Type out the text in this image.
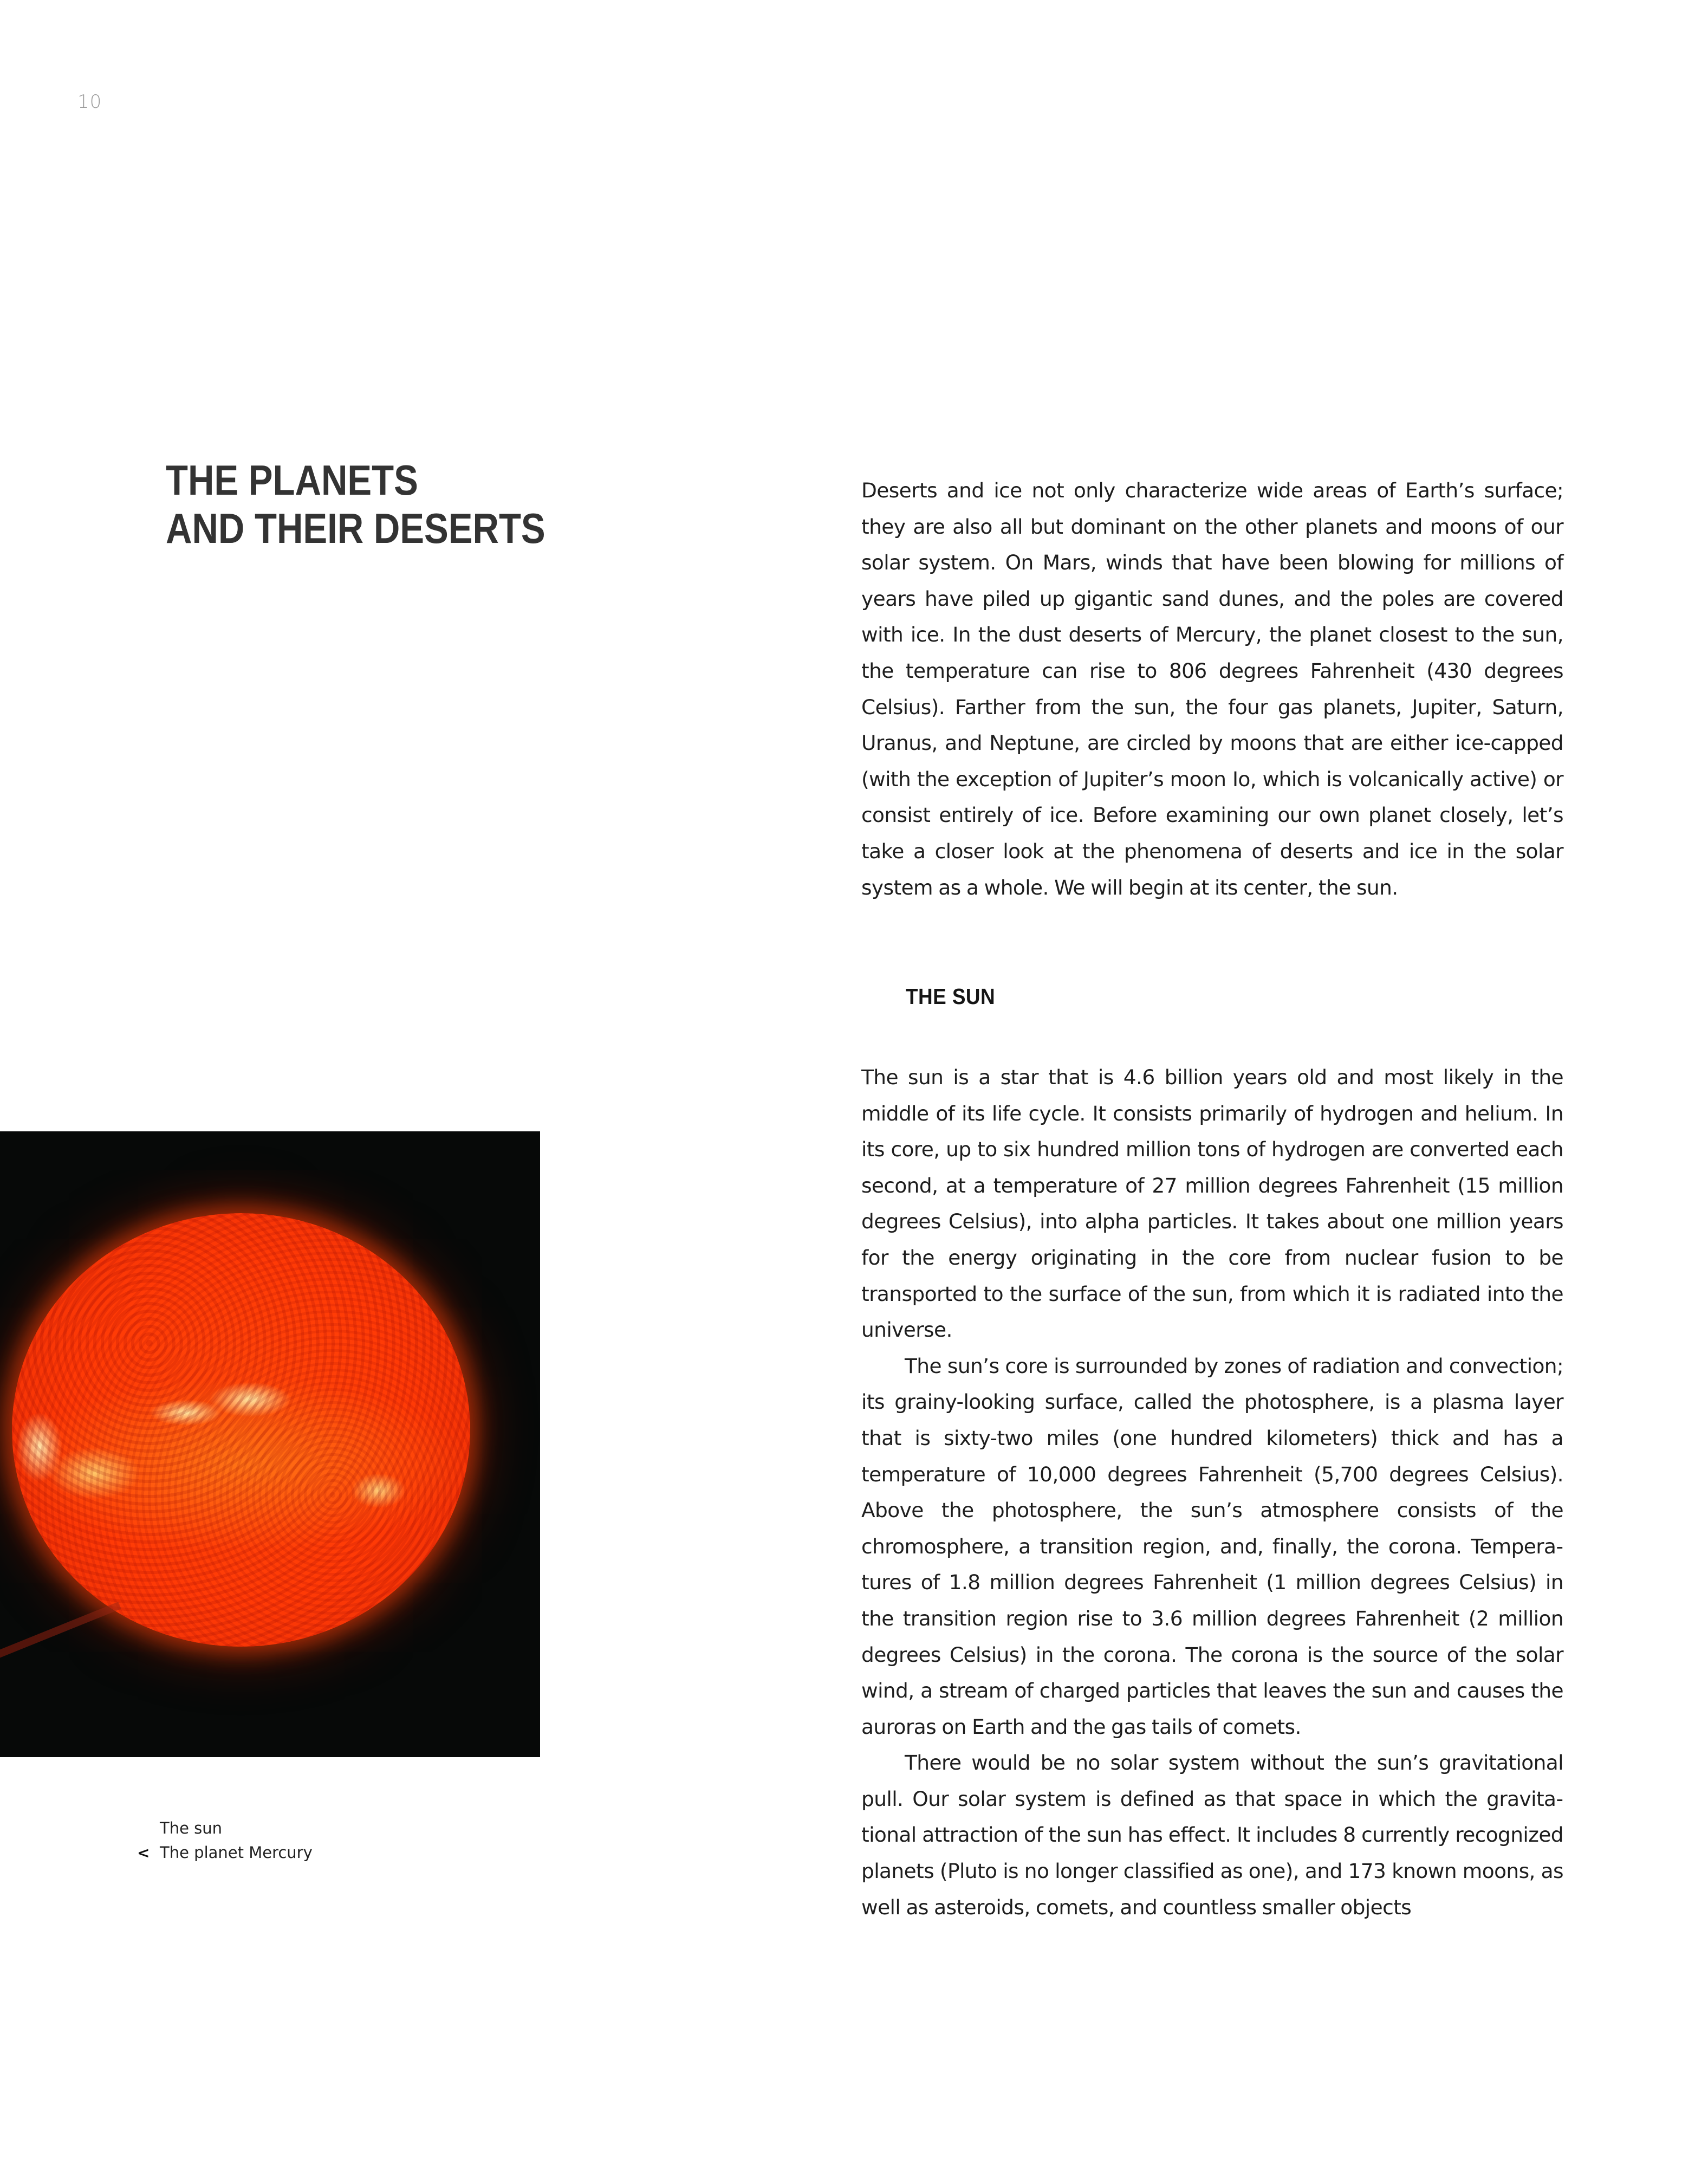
10
THE PLANETS
AND THEIR DESERTS

Deserts and ice not only characterize wide areas of Earth’s surface; they are also all but dominant on the other planets and moons of our solar system. On Mars, winds that have been blowing for millions of years have piled up gigantic sand dunes, and the poles are covered with ice. In the dust deserts of Mercury, the planet closest to the sun, the temperature can rise to 806 degrees Fahrenheit (430 degrees Celsius). Farther from the sun, the four gas planets, Jupiter, Saturn, Uranus, and Neptune, are circled by moons that are either ice-capped (with the exception of Jupiter’s moon Io, which is volcanically active) or consist entirely of ice. Before examining our own planet closely, let’s take a closer look at the phenomena of deserts and ice in the solar system as a whole. We will begin at its center, the sun.

THE SUN

The sun is a star that is 4.6 billion years old and most likely in the middle of its life cycle. It consists primarily of hydrogen and helium. In its core, up to six hundred million tons of hydrogen are converted each second, at a temperature of 27 million degrees Fahrenheit (15 million degrees Celsius), into alpha particles. It takes about one million years for the energy originating in the core from nuclear fusion to be transported to the surface of the sun, from which it is radiated into the universe.

The sun’s core is surrounded by zones of radiation and convection; its grainy-looking surface, called the photosphere, is a plasma layer that is sixty-two miles (one hundred kilometers) thick and has a temperature of 10,000 degrees Fahrenheit (5,700 degrees Celsius). Above the photosphere, the sun’s atmosphere consists of the chromosphere, a transition region, and, finally, the corona. Temperatures of 1.8 million degrees Fahrenheit (1 million degrees Celsius) in the transition region rise to 3.6 million degrees Fahrenheit (2 million degrees Celsius) in the corona. The corona is the source of the solar wind, a stream of charged particles that leaves the sun and causes the auroras on Earth and the gas tails of comets.

There would be no solar system without the sun’s gravitational pull. Our solar system is defined as that space in which the gravitational attraction of the sun has effect. It includes 8 currently recognized planets (Pluto is no longer classified as one), and 173 known moons, as well as asteroids, comets, and countless smaller objects

The sun
< The planet Mercury
